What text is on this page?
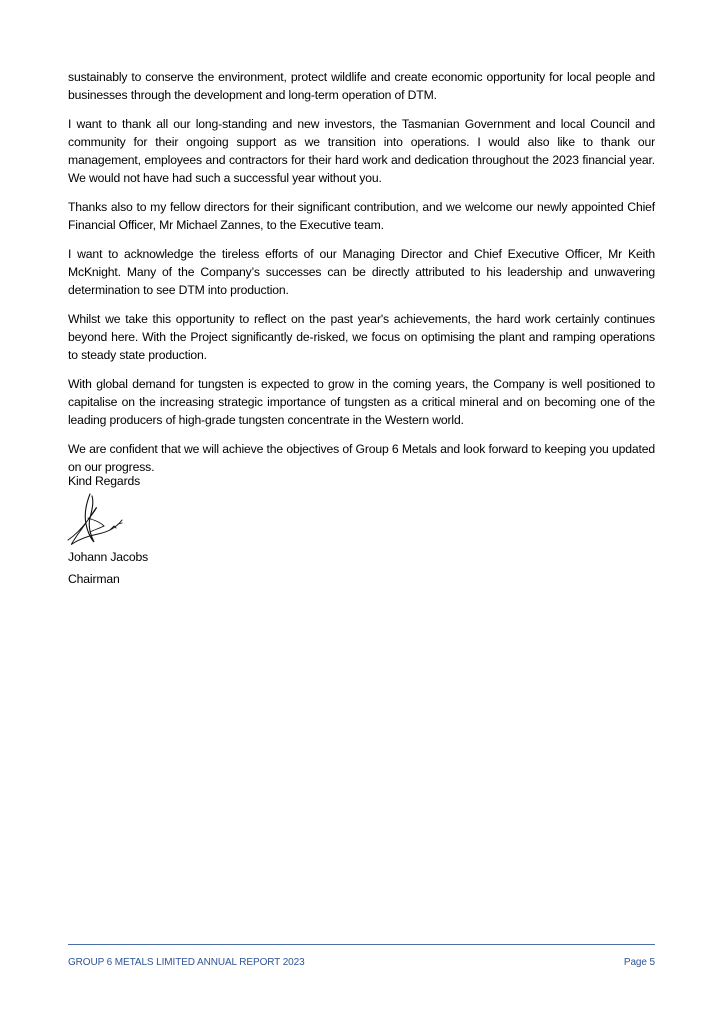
sustainably to conserve the environment, protect wildlife and create economic opportunity for local people and businesses through the development and long-term operation of DTM.

I want to thank all our long-standing and new investors, the Tasmanian Government and local Council and community for their ongoing support as we transition into operations. I would also like to thank our management, employees and contractors for their hard work and dedication throughout the 2023 financial year. We would not have had such a successful year without you.

Thanks also to my fellow directors for their significant contribution, and we welcome our newly appointed Chief Financial Officer, Mr Michael Zannes, to the Executive team.

I want to acknowledge the tireless efforts of our Managing Director and Chief Executive Officer, Mr Keith McKnight. Many of the Company’s successes can be directly attributed to his leadership and unwavering determination to see DTM into production.

Whilst we take this opportunity to reflect on the past year's achievements, the hard work certainly continues beyond here. With the Project significantly de-risked, we focus on optimising the plant and ramping operations to steady state production.

With global demand for tungsten is expected to grow in the coming years, the Company is well positioned to capitalise on the increasing strategic importance of tungsten as a critical mineral and on becoming one of the leading producers of high-grade tungsten concentrate in the Western world.

We are confident that we will achieve the objectives of Group 6 Metals and look forward to keeping you updated on our progress.

Kind Regards

Johann Jacobs

Chairman

GROUP 6 METALS LIMITED ANNUAL REPORT 2023	Page 5
